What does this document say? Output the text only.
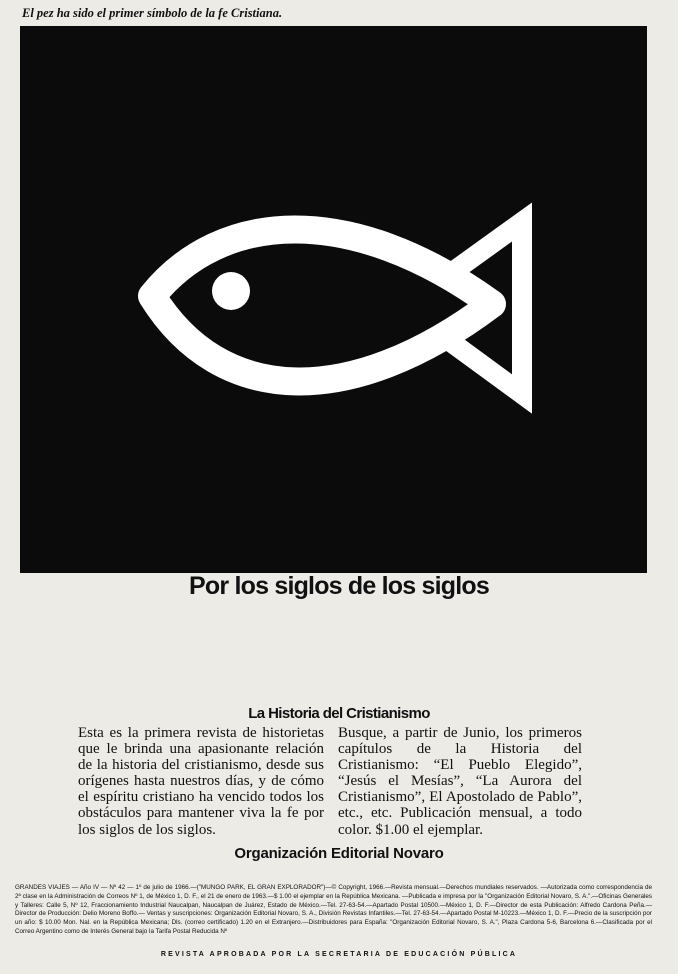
El pez ha sido el primer símbolo de la fe Cristiana.
Por los siglos de los siglos
La Historia del Cristianismo
Esta es la primera revista de historietas que le brinda una apasionante relación de la historia del cristianismo, desde sus orígenes hasta nuestros días, y de cómo el espíritu cristiano ha vencido todos los obstáculos para mantener viva la fe por los siglos de los siglos.
Busque, a partir de Junio, los primeros capítulos de la Historia del Cristianismo: “El Pueblo Elegido”, “Jesús el Mesías”, “La Aurora del Cristianismo”, El Apostolado de Pablo”, etc., etc. Publicación mensual, a todo color. $1.00 el ejemplar.
Organización Editorial Novaro
GRANDES VIAJES — Año IV — Nº 42 — 1º de julio de 1966.—("MUNGO PARK, EL GRAN EXPLORADOR")—© Copyright, 1966.—Revista mensual.—Derechos mundiales reservados. —Autorizada como correspondencia de 2ª clase en la Administración de Correos Nº 1, de México 1, D. F., el 21 de enero de 1963.—$ 1.00 el ejemplar en la República Mexicana. —Publicada e impresa por la "Organización Editorial Novaro, S. A.".—Oficinas Generales y Talleres: Calle 5, Nº 12, Fraccionamiento Industrial Naucalpan, Naucalpan de Juárez, Estado de México.—Tel. 27-63-54.—Apartado Postal 10500.—México 1, D. F.—Director de esta Publicación: Alfredo Cardona Peña.—Director de Producción: Delio Moreno Boffo.— Ventas y suscripciones: Organización Editorial Novaro, S. A., División Revistas Infantiles.—Tel. 27-63-54.—Apartado Postal M-10223.—México 1, D. F.—Precio de la suscripción por un año: $ 10.00 Mon. Nal. en la República Mexicana; Dls. (correo certificado) 1.20 en el Extranjero.—Distribuidores para España: "Organización Editorial Novaro, S. A.", Plaza Cardona 5-6, Barcelona 6.—Clasificada por el Correo Argentino como de Interés General bajo la Tarifa Postal Reducida Nº
REVISTA APROBADA POR LA SECRETARIA DE EDUCACIÓN PÚBLICA
